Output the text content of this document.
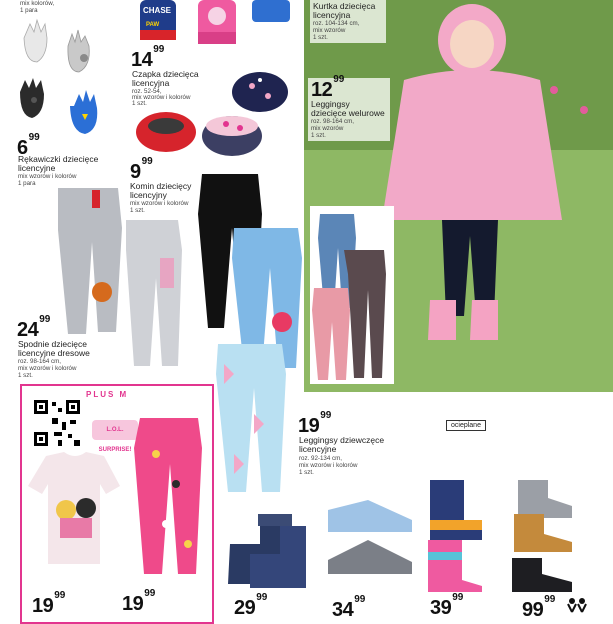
mix kolorów,
1 para
$6^{99}$
Rękawiczki dziecięce licencyjne
mix wzorów i kolorów
1 para
CHASE
PAW
$14^{99}$
Czapka dziecięca licencyjna
roz. 52-54,
mix wzorów i kolorów
1 szt.
$9^{99}$
Komin dziecięcy licencyjny
mix wzorów i kolorów
1 szt.
$24^{99}$
Spodnie dziecięce licencyjne dresowe
roz. 98-164 cm,
mix wzorów i kolorów
1 szt.
Kurtka dziecięca licencyjna
roz. 104-134 cm,
mix wzorów
1 szt.
$12^{99}$
Leggingsy dziecięce welurowe
roz. 98-164 cm,
mix wzorów
1 szt.
PLUS M
L.O.L. SURPRISE!
$19^{99}$	$19^{99}$
$19^{99}$
Leggingsy dziewczęce licencyjne
roz. 92-134 cm,
mix wzorów i kolorów
1 szt.
ocieplane
$29^{99}$
$34^{99}$	$39^{99}$
$99^{99}$
